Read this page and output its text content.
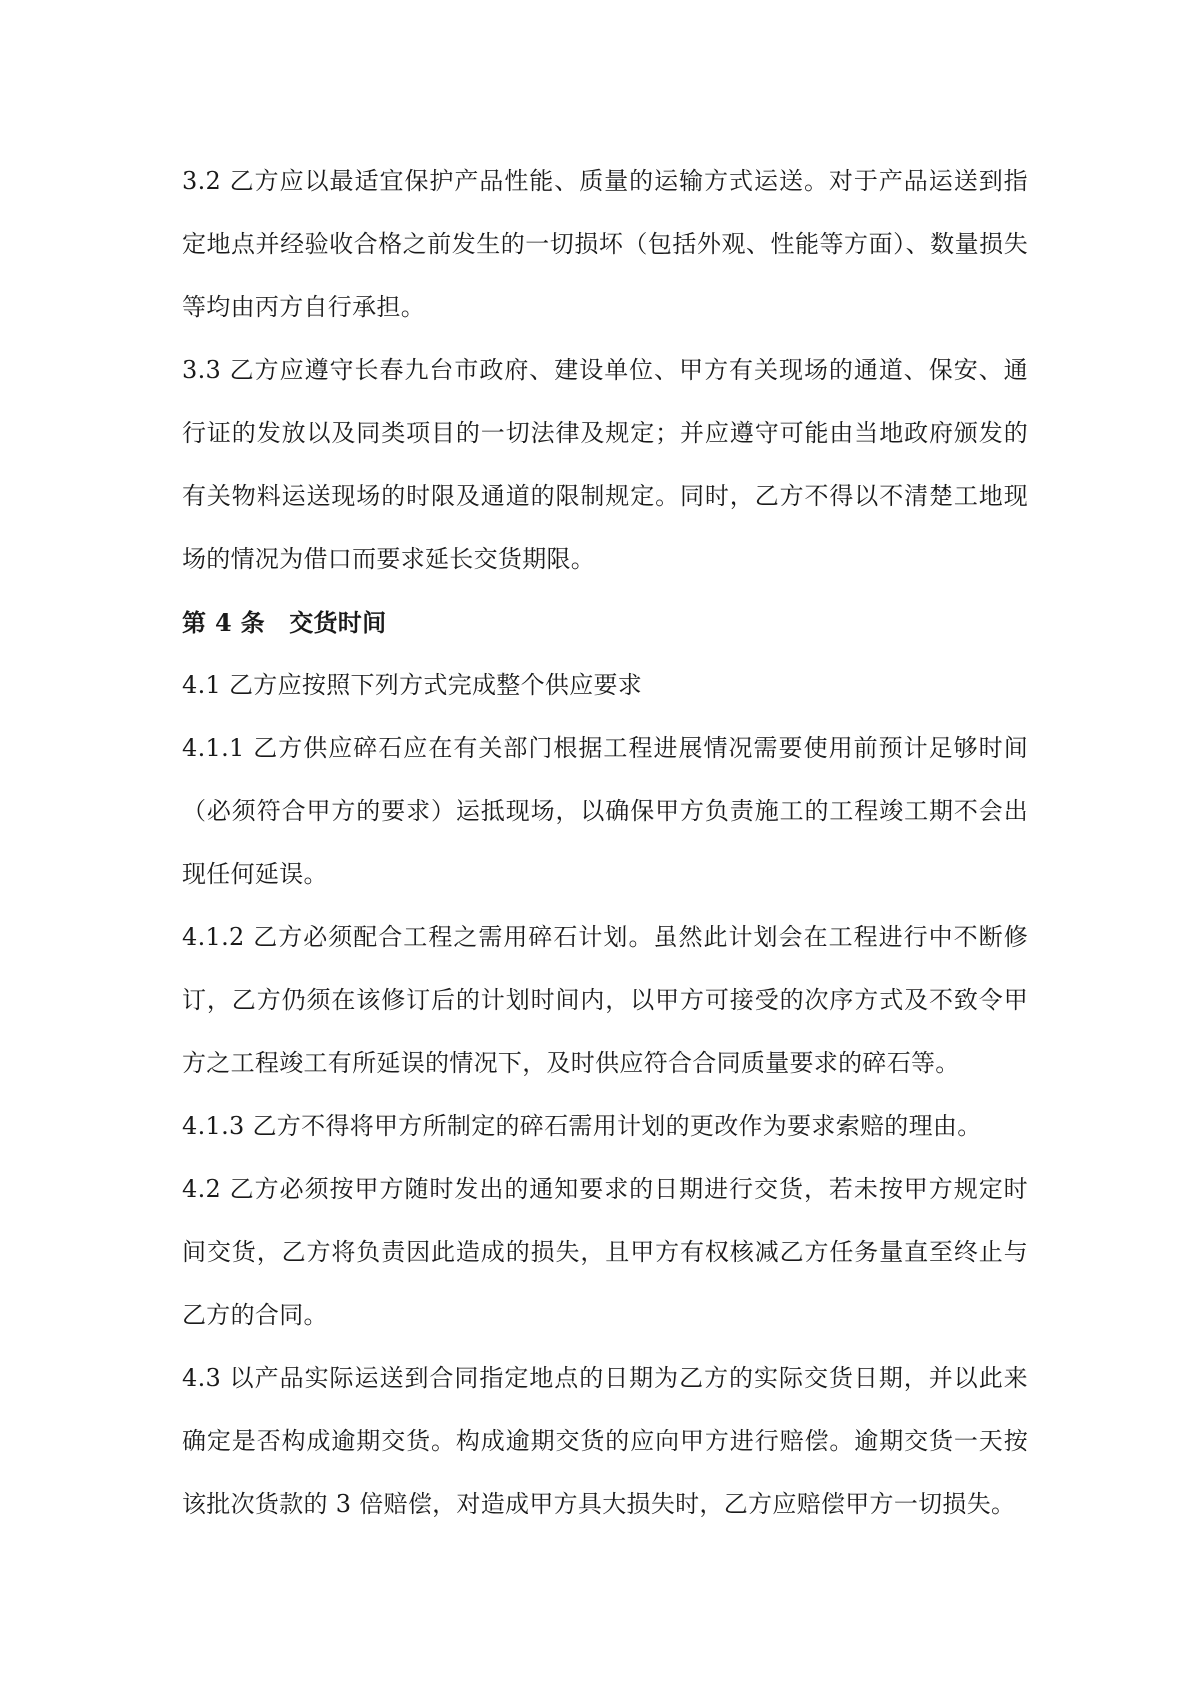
3.2 乙方应以最适宜保护产品性能、质量的运输方式运送。对于产品运送到指定地点并经验收合格之前发生的一切损坏（包括外观、性能等方面）、数量损失等均由丙方自行承担。

3.3 乙方应遵守长春九台市政府、建设单位、甲方有关现场的通道、保安、通行证的发放以及同类项目的一切法律及规定；并应遵守可能由当地政府颁发的有关物料运送现场的时限及通道的限制规定。同时，乙方不得以不清楚工地现场的情况为借口而要求延长交货期限。

第 4 条　交货时间

4.1 乙方应按照下列方式完成整个供应要求

4.1.1 乙方供应碎石应在有关部门根据工程进展情况需要使用前预计足够时间（必须符合甲方的要求）运抵现场，以确保甲方负责施工的工程竣工期不会出现任何延误。

4.1.2 乙方必须配合工程之需用碎石计划。虽然此计划会在工程进行中不断修订，乙方仍须在该修订后的计划时间内，以甲方可接受的次序方式及不致令甲方之工程竣工有所延误的情况下，及时供应符合合同质量要求的碎石等。

4.1.3 乙方不得将甲方所制定的碎石需用计划的更改作为要求索赔的理由。

4.2 乙方必须按甲方随时发出的通知要求的日期进行交货，若未按甲方规定时间交货，乙方将负责因此造成的损失，且甲方有权核减乙方任务量直至终止与乙方的合同。

4.3 以产品实际运送到合同指定地点的日期为乙方的实际交货日期，并以此来确定是否构成逾期交货。构成逾期交货的应向甲方进行赔偿。逾期交货一天按该批次货款的 3 倍赔偿，对造成甲方具大损失时，乙方应赔偿甲方一切损失。
